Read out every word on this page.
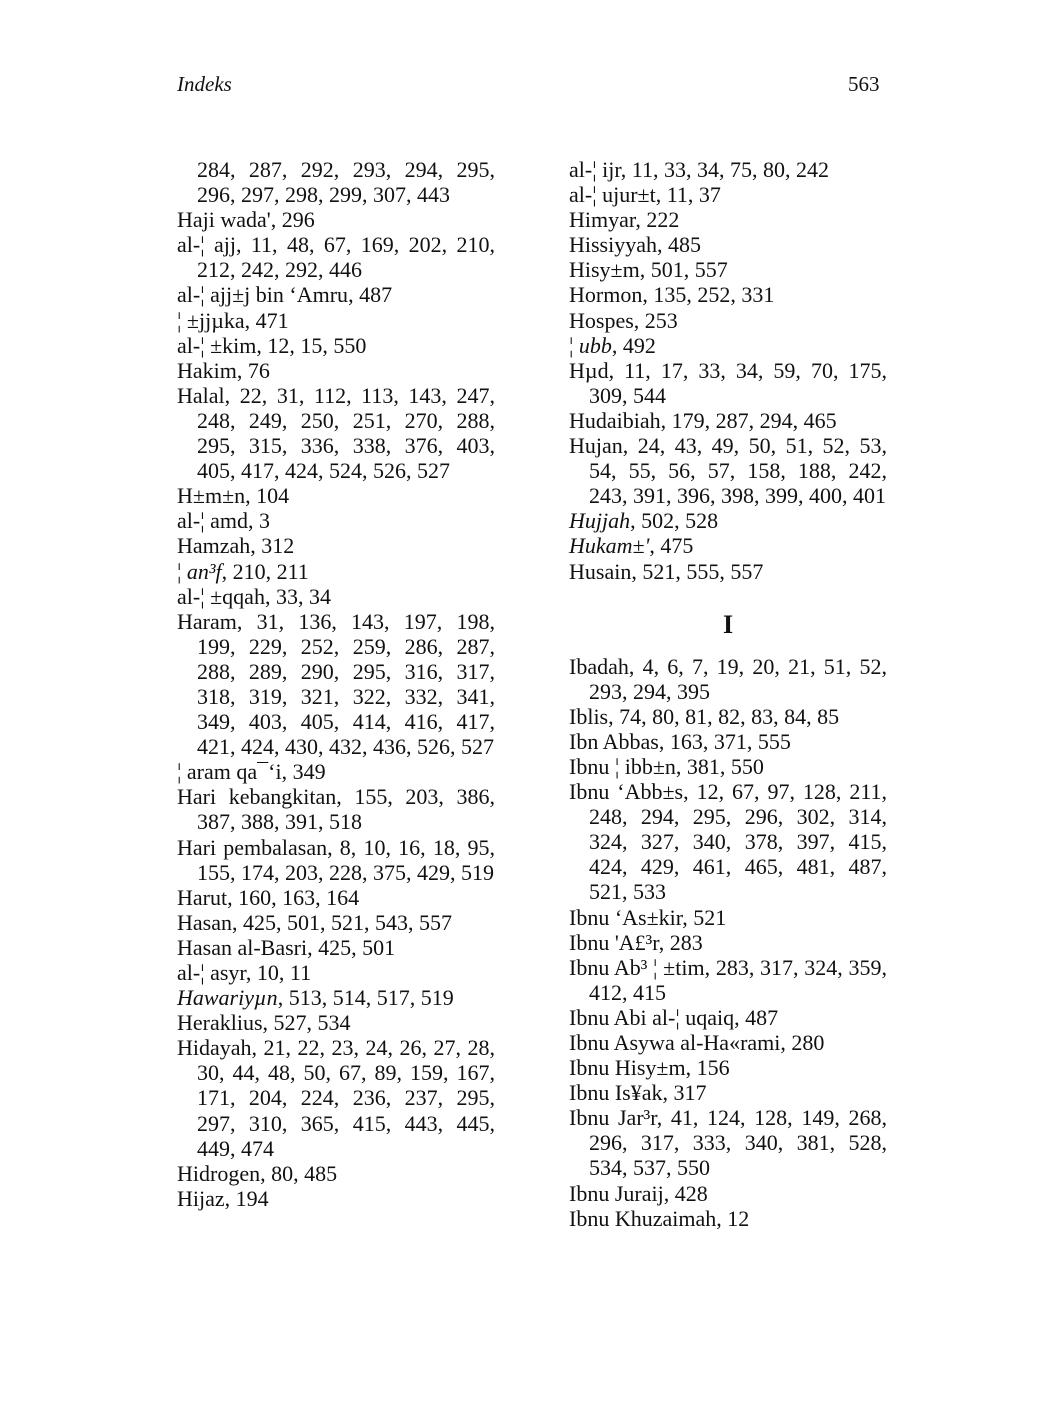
Indeks	563

284, 287, 292, 293, 294, 295, 296, 297, 298, 299, 307, 443

Haji wada', 296

al-¦ ajj, 11, 48, 67, 169, 202, 210, 212, 242, 292, 446

al-¦ ajj±j bin ‘Amru, 487

¦ ±jjµka, 471

al-¦ ±kim, 12, 15, 550

Hakim, 76

Halal, 22, 31, 112, 113, 143, 247, 248, 249, 250, 251, 270, 288, 295, 315, 336, 338, 376, 403, 405, 417, 424, 524, 526, 527

H±m±n, 104

al-¦ amd, 3

Hamzah, 312

¦ an³f, 210, 211

al-¦ ±qqah, 33, 34

Haram, 31, 136, 143, 197, 198, 199, 229, 252, 259, 286, 287, 288, 289, 290, 295, 316, 317, 318, 319, 321, 322, 332, 341, 349, 403, 405, 414, 416, 417, 421, 424, 430, 432, 436, 526, 527

¦ aram qa¯‘i, 349

Hari kebangkitan, 155, 203, 386, 387, 388, 391, 518

Hari pembalasan, 8, 10, 16, 18, 95, 155, 174, 203, 228, 375, 429, 519

Harut, 160, 163, 164

Hasan, 425, 501, 521, 543, 557

Hasan al-Basri, 425, 501

al-¦ asyr, 10, 11

Hawariyµn, 513, 514, 517, 519

Heraklius, 527, 534

Hidayah, 21, 22, 23, 24, 26, 27, 28, 30, 44, 48, 50, 67, 89, 159, 167, 171, 204, 224, 236, 237, 295, 297, 310, 365, 415, 443, 445, 449, 474

Hidrogen, 80, 485

Hijaz, 194

al-¦ ijr, 11, 33, 34, 75, 80, 242

al-¦ ujur±t, 11, 37

Himyar, 222

Hissiyyah, 485

Hisy±m, 501, 557

Hormon, 135, 252, 331

Hospes, 253

¦ ubb, 492

Hµd, 11, 17, 33, 34, 59, 70, 175, 309, 544

Hudaibiah, 179, 287, 294, 465

Hujan, 24, 43, 49, 50, 51, 52, 53, 54, 55, 56, 57, 158, 188, 242, 243, 391, 396, 398, 399, 400, 401

Hujjah, 502, 528

Hukam±', 475

Husain, 521, 555, 557

I

Ibadah, 4, 6, 7, 19, 20, 21, 51, 52, 293, 294, 395

Iblis, 74, 80, 81, 82, 83, 84, 85

Ibn Abbas, 163, 371, 555

Ibnu ¦ ibb±n, 381, 550

Ibnu ‘Abb±s, 12, 67, 97, 128, 211, 248, 294, 295, 296, 302, 314, 324, 327, 340, 378, 397, 415, 424, 429, 461, 465, 481, 487, 521, 533

Ibnu ‘As±kir, 521

Ibnu 'A£³r, 283

Ibnu Ab³ ¦ ±tim, 283, 317, 324, 359, 412, 415

Ibnu Abi al-¦ uqaiq, 487

Ibnu Asywa al-Ha«rami, 280

Ibnu Hisy±m, 156

Ibnu Is¥ak, 317

Ibnu Jar³r, 41, 124, 128, 149, 268, 296, 317, 333, 340, 381, 528, 534, 537, 550

Ibnu Juraij, 428

Ibnu Khuzaimah, 12
